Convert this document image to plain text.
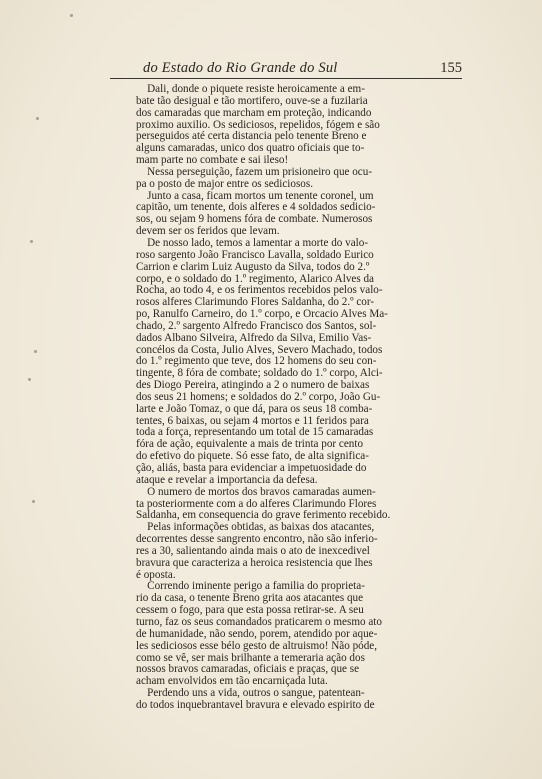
do Estado do Rio Grande do Sul	155
Dali, donde o piquete resiste heroicamente a em-
bate tão desigual e tão mortifero, ouve-se a fuzilaria
dos camaradas que marcham em proteção, indicando
proximo auxilio. Os sediciosos, repelidos, fógem e são
perseguidos até certa distancia pelo tenente Breno e
alguns camaradas, unico dos quatro oficiais que to-
mam parte no combate e sai ileso!
Nessa perseguição, fazem um prisioneiro que ocu-
pa o posto de major entre os sediciosos.
Junto a casa, ficam mortos um tenente coronel, um
capitão, um tenente, dois alferes e 4 soldados sedicio-
sos, ou sejam 9 homens fóra de combate. Numerosos
devem ser os feridos que levam.
De nosso lado, temos a lamentar a morte do valo-
roso sargento João Francisco Lavalla, soldado Eurico
Carrion e clarim Luiz Augusto da Silva, todos do 2.º
corpo, e o soldado do 1.º regimento, Alarico Alves da
Rocha, ao todo 4, e os ferimentos recebidos pelos valo-
rosos alferes Clarimundo Flores Saldanha, do 2.º cor-
po, Ranulfo Carneiro, do 1.º corpo, e Orcacio Alves Ma-
chado, 2.º sargento Alfredo Francisco dos Santos, sol-
dados Albano Silveira, Alfredo da Silva, Emilio Vas-
concélos da Costa, Julio Alves, Severo Machado, todos
do 1.º regimento que teve, dos 12 homens do seu con-
tingente, 8 fóra de combate; soldado do 1.º corpo, Alci-
des Diogo Pereira, atingindo a 2 o numero de baixas
dos seus 21 homens; e soldados do 2.º corpo, João Gu-
larte e João Tomaz, o que dá, para os seus 18 comba-
tentes, 6 baixas, ou sejam 4 mortos e 11 feridos para
toda a força, representando um total de 15 camaradas
fóra de ação, equivalente a mais de trinta por cento
do efetivo do piquete. Só esse fato, de alta significa-
ção, aliás, basta para evidenciar a impetuosidade do
ataque e revelar a importancia da defesa.
O numero de mortos dos bravos camaradas aumen-
ta posteriormente com a do alferes Clarimundo Flores
Saldanha, em consequencia do grave ferimento recebido.
Pelas informações obtidas, as baixas dos atacantes,
decorrentes desse sangrento encontro, não são inferio-
res a 30, salientando ainda mais o ato de inexcedivel
bravura que caracteriza a heroica resistencia que lhes
é oposta.
Correndo iminente perigo a familia do proprieta-
rio da casa, o tenente Breno grita aos atacantes que
cessem o fogo, para que esta possa retirar-se. A seu
turno, faz os seus comandados praticarem o mesmo ato
de humanidade, não sendo, porem, atendido por aque-
les sediciosos esse bélo gesto de altruismo! Não póde,
como se vê, ser mais brilhante a temeraria ação dos
nossos bravos camaradas, oficiais e praças, que se
acham envolvidos em tão encarniçada luta.
Perdendo uns a vida, outros o sangue, patentean-
do todos inquebrantavel bravura e elevado espirito de
